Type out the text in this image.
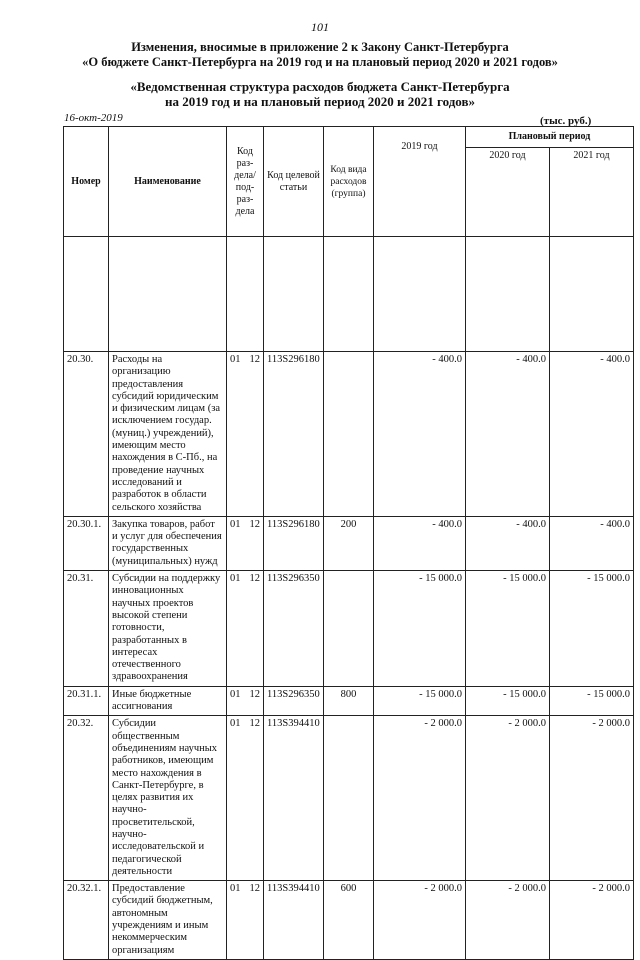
101
Изменения, вносимые в приложение 2 к Закону Санкт-Петербурга
«О бюджете Санкт-Петербурга на 2019 год и на плановый период 2020 и 2021 годов»
«Ведомственная структура расходов бюджета Санкт-Петербурга
на 2019 год и на плановый период 2020 и 2021 годов»
16-окт-2019	(тыс. руб.)
Номер	Наименование	Код раз-дела/ под-раз-дела	Код целевой статьи	Код вида расходов (группа)	2019 год	Плановый период	
						2020 год	2021 год

20.30.	Расходы на организацию предоставления субсидий юридическим и физическим лицам (за исключением государ. (муниц.) учреждений), имеющим место нахождения в С-Пб., на проведение научных исследований и разработок в области сельского хозяйства	01 12	113S296180		- 400.0	- 400.0	- 400.0
20.30.1.	Закупка товаров, работ и услуг для обеспечения государственных (муниципальных) нужд	01 12	113S296180	200	- 400.0	- 400.0	- 400.0
20.31.	Субсидии на поддержку инновационных научных проектов высокой степени готовности, разработанных в интересах отечественного здравоохранения	01 12	113S296350		- 15 000.0	- 15 000.0	- 15 000.0
20.31.1.	Иные бюджетные ассигнования	01 12	113S296350	800	- 15 000.0	- 15 000.0	- 15 000.0
20.32.	Субсидии общественным объединениям научных работников, имеющим место нахождения в Санкт-Петербурге, в целях развития их научно-просветительской, научно-исследовательской и педагогической деятельности	01 12	113S394410		- 2 000.0	- 2 000.0	- 2 000.0
20.32.1.	Предоставление субсидий бюджетным, автономным учреждениям и иным некоммерческим организациям	01 12	113S394410	600	- 2 000.0	- 2 000.0	- 2 000.0
